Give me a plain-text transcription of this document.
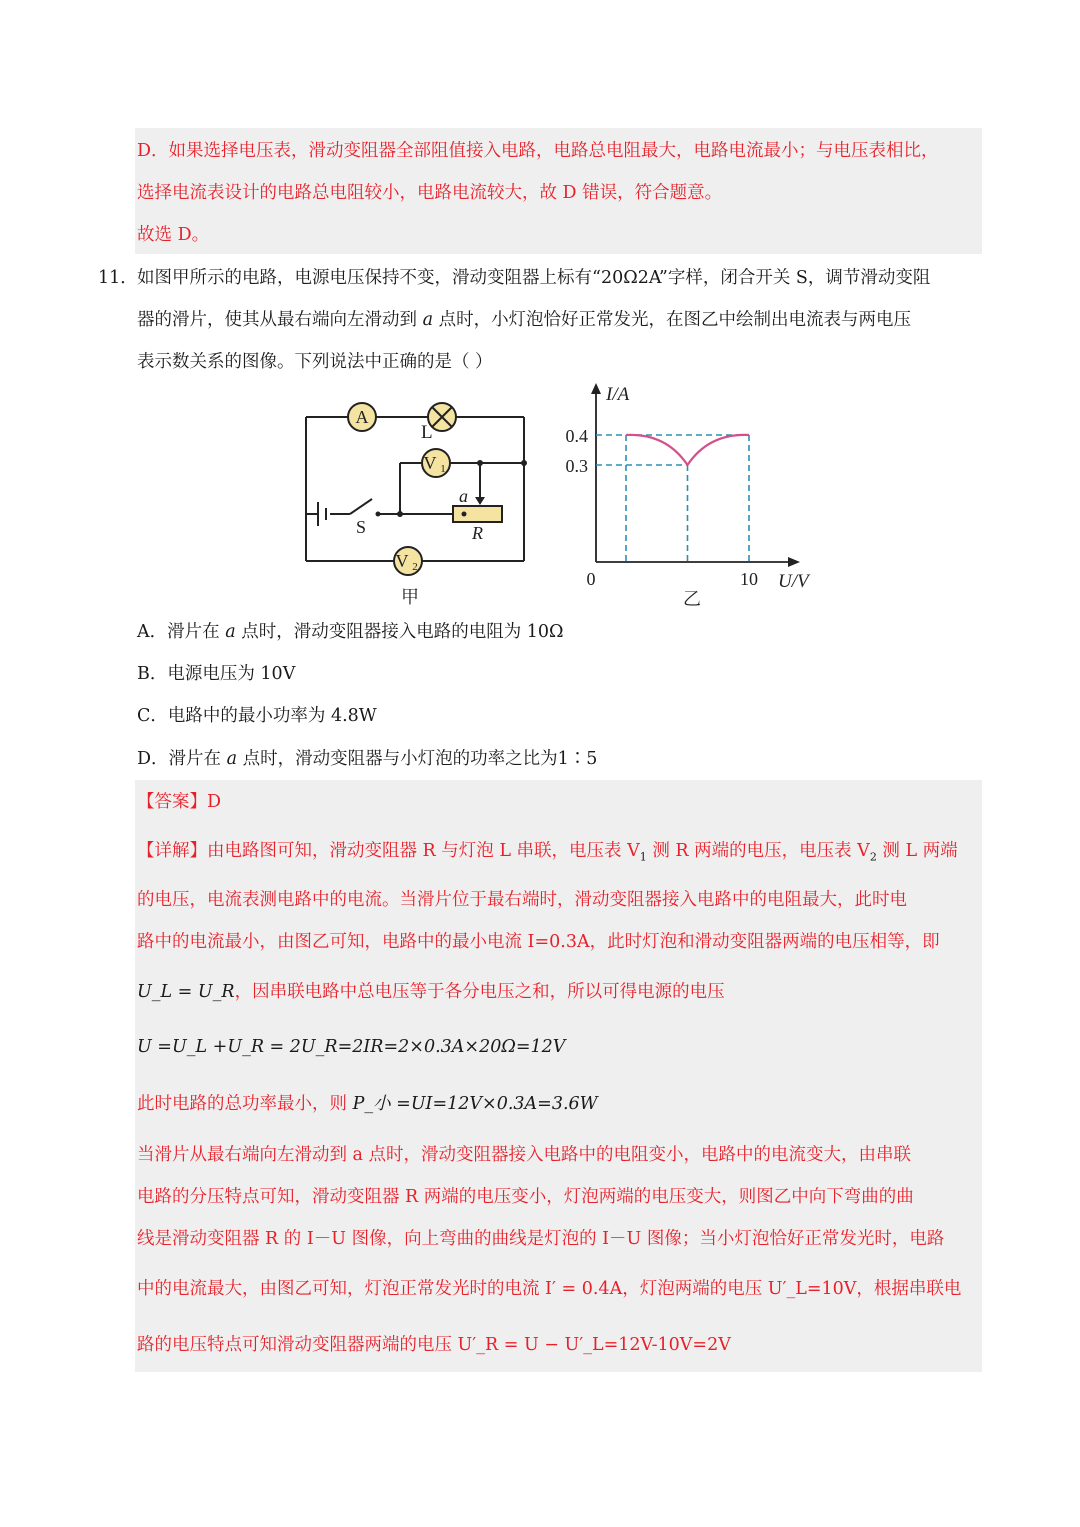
D．如果选择电压表，滑动变阻器全部阻值接入电路，电路总电阻最大，电路电流最小；与电压表相比，
选择电流表设计的电路总电阻较小，电路电流较大，故 D 错误，符合题意。
故选 D。
11． 如图甲所示的电路，电源电压保持不变，滑动变阻器上标有“20Ω2A”字样，闭合开关 S，调节滑动变阻
器的滑片，使其从最右端向左滑动到 a 点时，小灯泡恰好正常发光，在图乙中绘制出电流表与两电压
表示数关系的图像。下列说法中正确的是（ ）
A
L
V 1
V 2
S
a
R
甲
I/A
U/V
0
0.4
0.3
10
乙
A．滑片在 a 点时，滑动变阻器接入电路的电阻为 10Ω
B．电源电压为 10V
C．电路中的最小功率为 4.8W
D．滑片在 a 点时，滑动变阻器与小灯泡的功率之比为1∶5
【答案】D
【详解】由电路图可知，滑动变阻器 R 与灯泡 L 串联，电压表 $V_1$ 测 R 两端的电压，电压表 $V_2$ 测 L 两端
的电压，电流表测电路中的电流。当滑片位于最右端时，滑动变阻器接入电路中的电阻最大，此时电
路中的电流最小，由图乙可知，电路中的最小电流 I=0.3A，此时灯泡和滑动变阻器两端的电压相等，即
U_L = U_R，因串联电路中总电压等于各分电压之和，所以可得电源的电压
U =U_L +U_R = 2U_R=2IR=2×0.3A×20Ω=12V
此时电路的总功率最小，则 P_小 =UI=12V×0.3A=3.6W
当滑片从最右端向左滑动到 a 点时，滑动变阻器接入电路中的电阻变小，电路中的电流变大，由串联
电路的分压特点可知，滑动变阻器 R 两端的电压变小，灯泡两端的电压变大，则图乙中向下弯曲的曲
线是滑动变阻器 R 的 I－U 图像，向上弯曲的曲线是灯泡的 I－U 图像；当小灯泡恰好正常发光时，电路
中的电流最大，由图乙可知，灯泡正常发光时的电流 I′ = 0.4A，灯泡两端的电压 U′_L=10V，根据串联电
路的电压特点可知滑动变阻器两端的电压 U′_R = U − U′_L=12V-10V=2V
